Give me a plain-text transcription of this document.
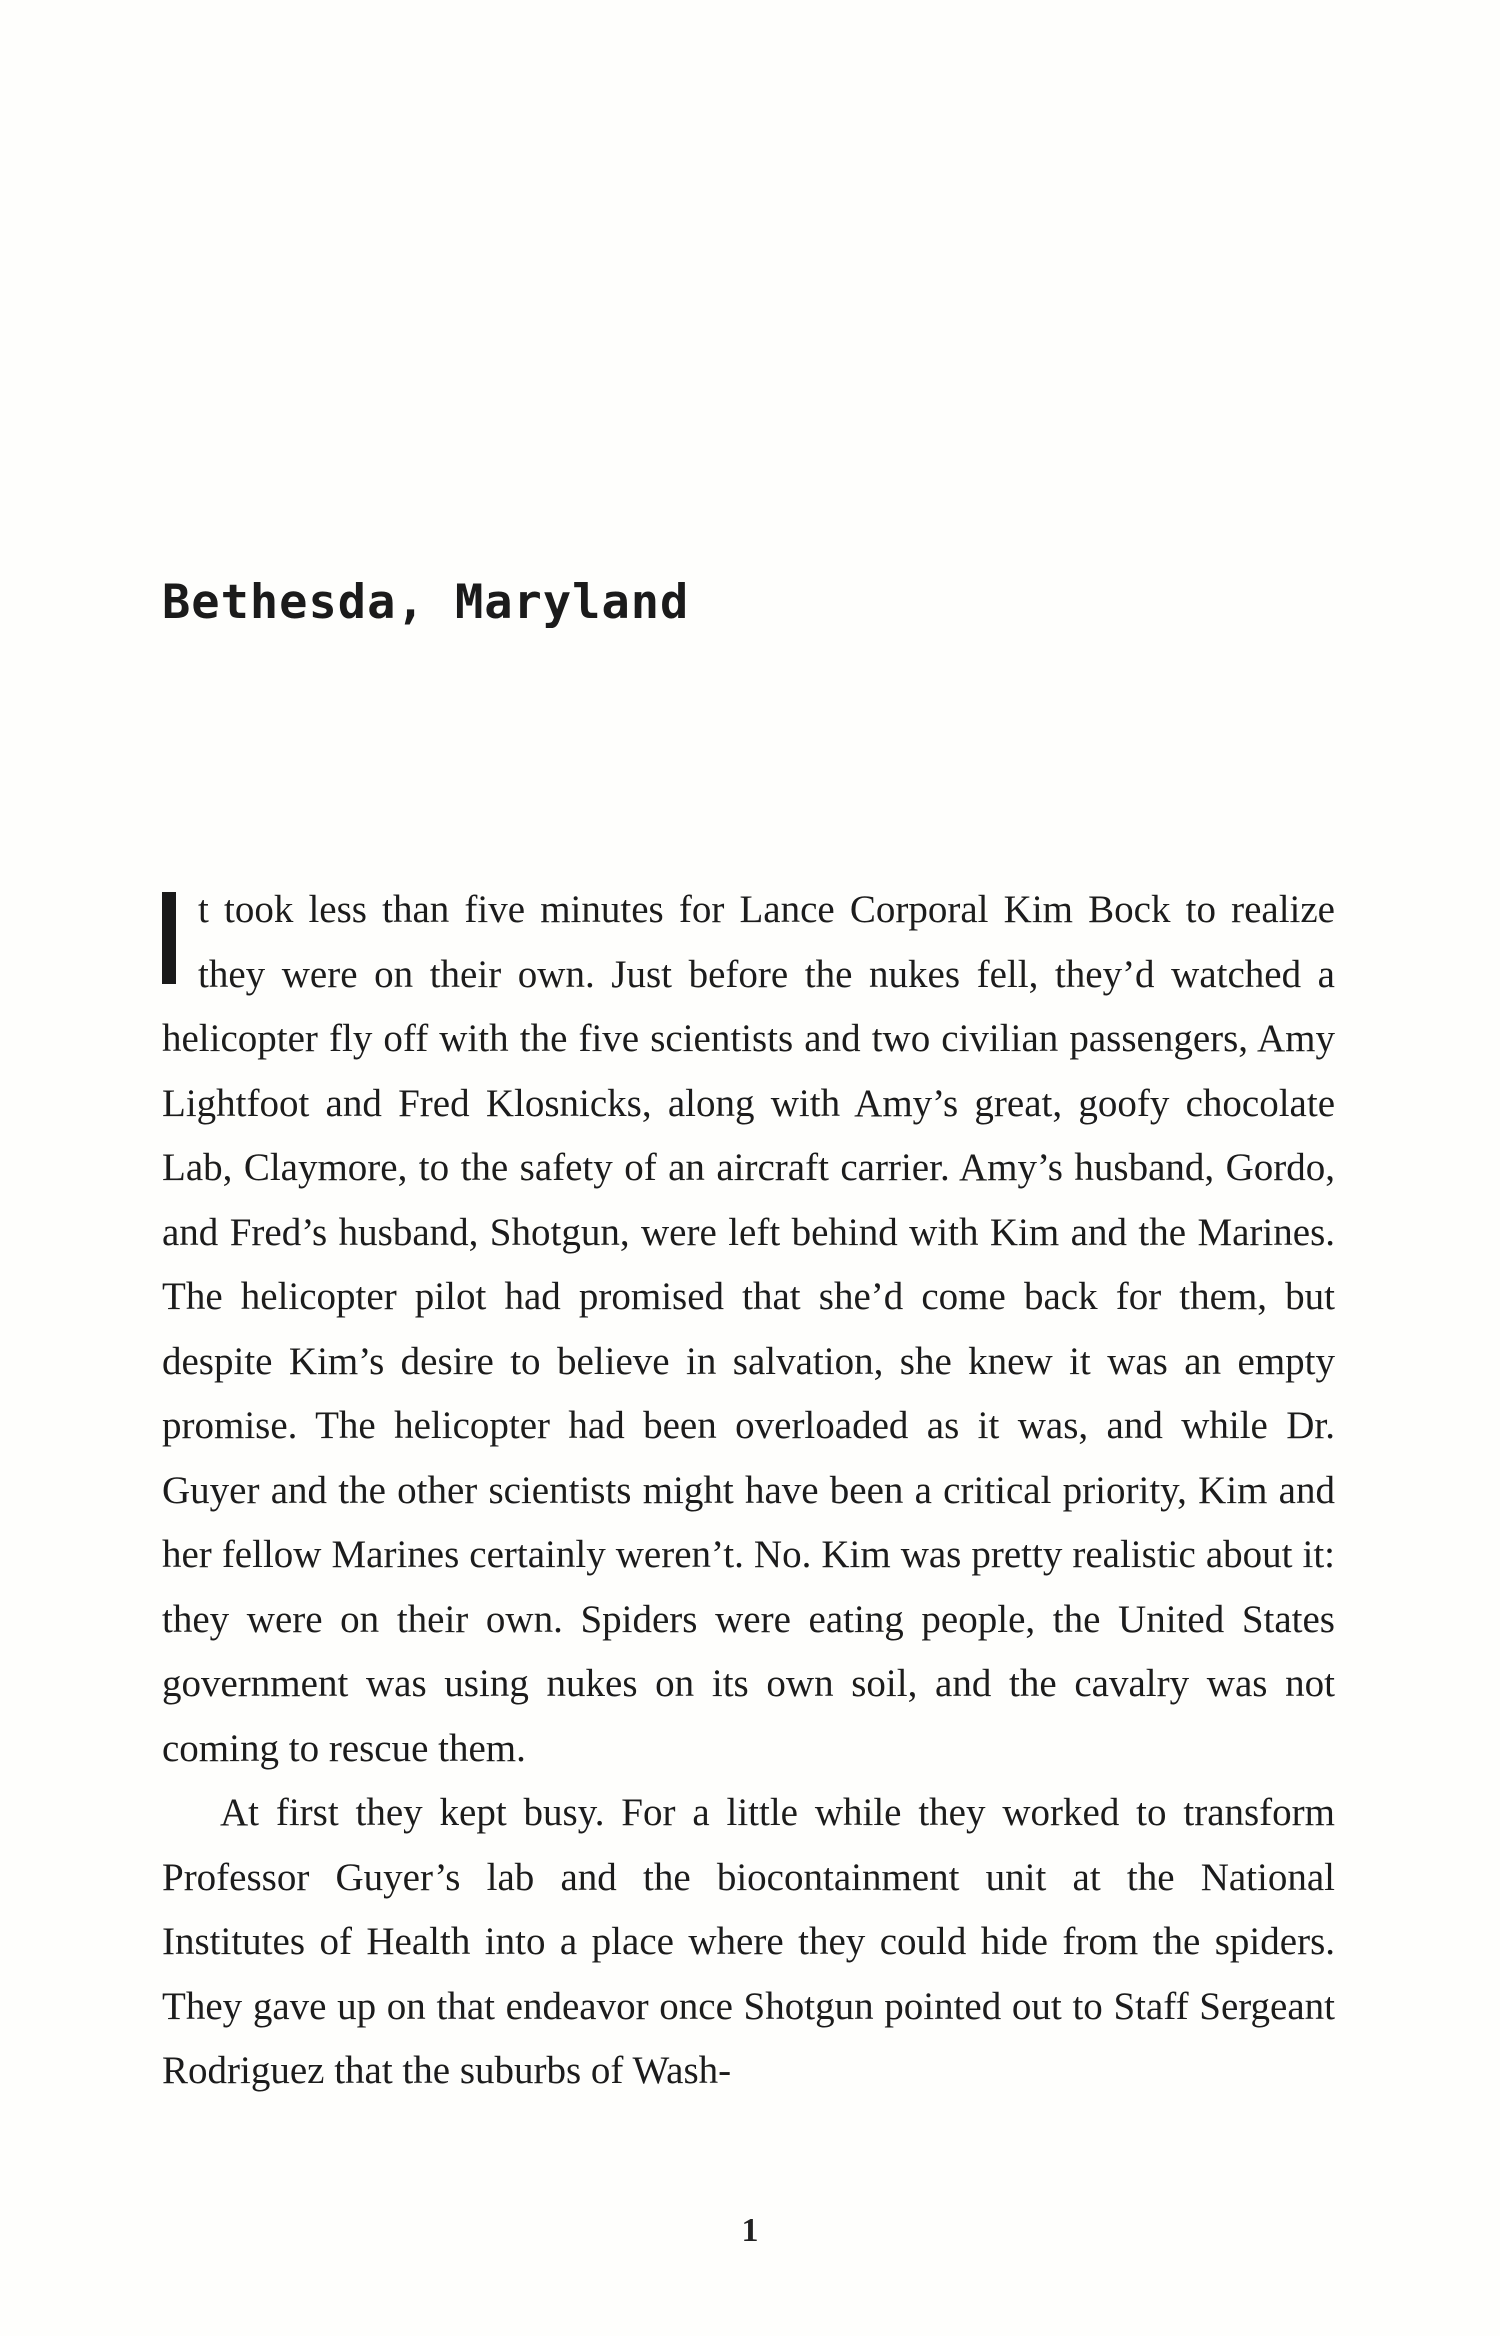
Bethesda, Maryland

t took less than five minutes for Lance Corporal Kim Bock to realize they were on their own. Just before the nukes fell, they’d watched a helicopter fly off with the five scientists and two civilian passengers, Amy Lightfoot and Fred Klosnicks, along with Amy’s great, goofy chocolate Lab, Claymore, to the safety of an aircraft carrier. Amy’s husband, Gordo, and Fred’s husband, Shotgun, were left behind with Kim and the Marines. The helicopter pilot had promised that she’d come back for them, but despite Kim’s desire to believe in salvation, she knew it was an empty promise. The helicopter had been overloaded as it was, and while Dr. Guyer and the other scientists might have been a critical priority, Kim and her fellow Marines certainly weren’t. No. Kim was pretty realistic about it: they were on their own. Spiders were eating people, the United States government was using nukes on its own soil, and the cavalry was not coming to rescue them.

At first they kept busy. For a little while they worked to transform Professor Guyer’s lab and the biocontainment unit at the National Institutes of Health into a place where they could hide from the spiders. They gave up on that endeavor once Shotgun pointed out to Staff Sergeant Rodriguez that the suburbs of Wash-

1
